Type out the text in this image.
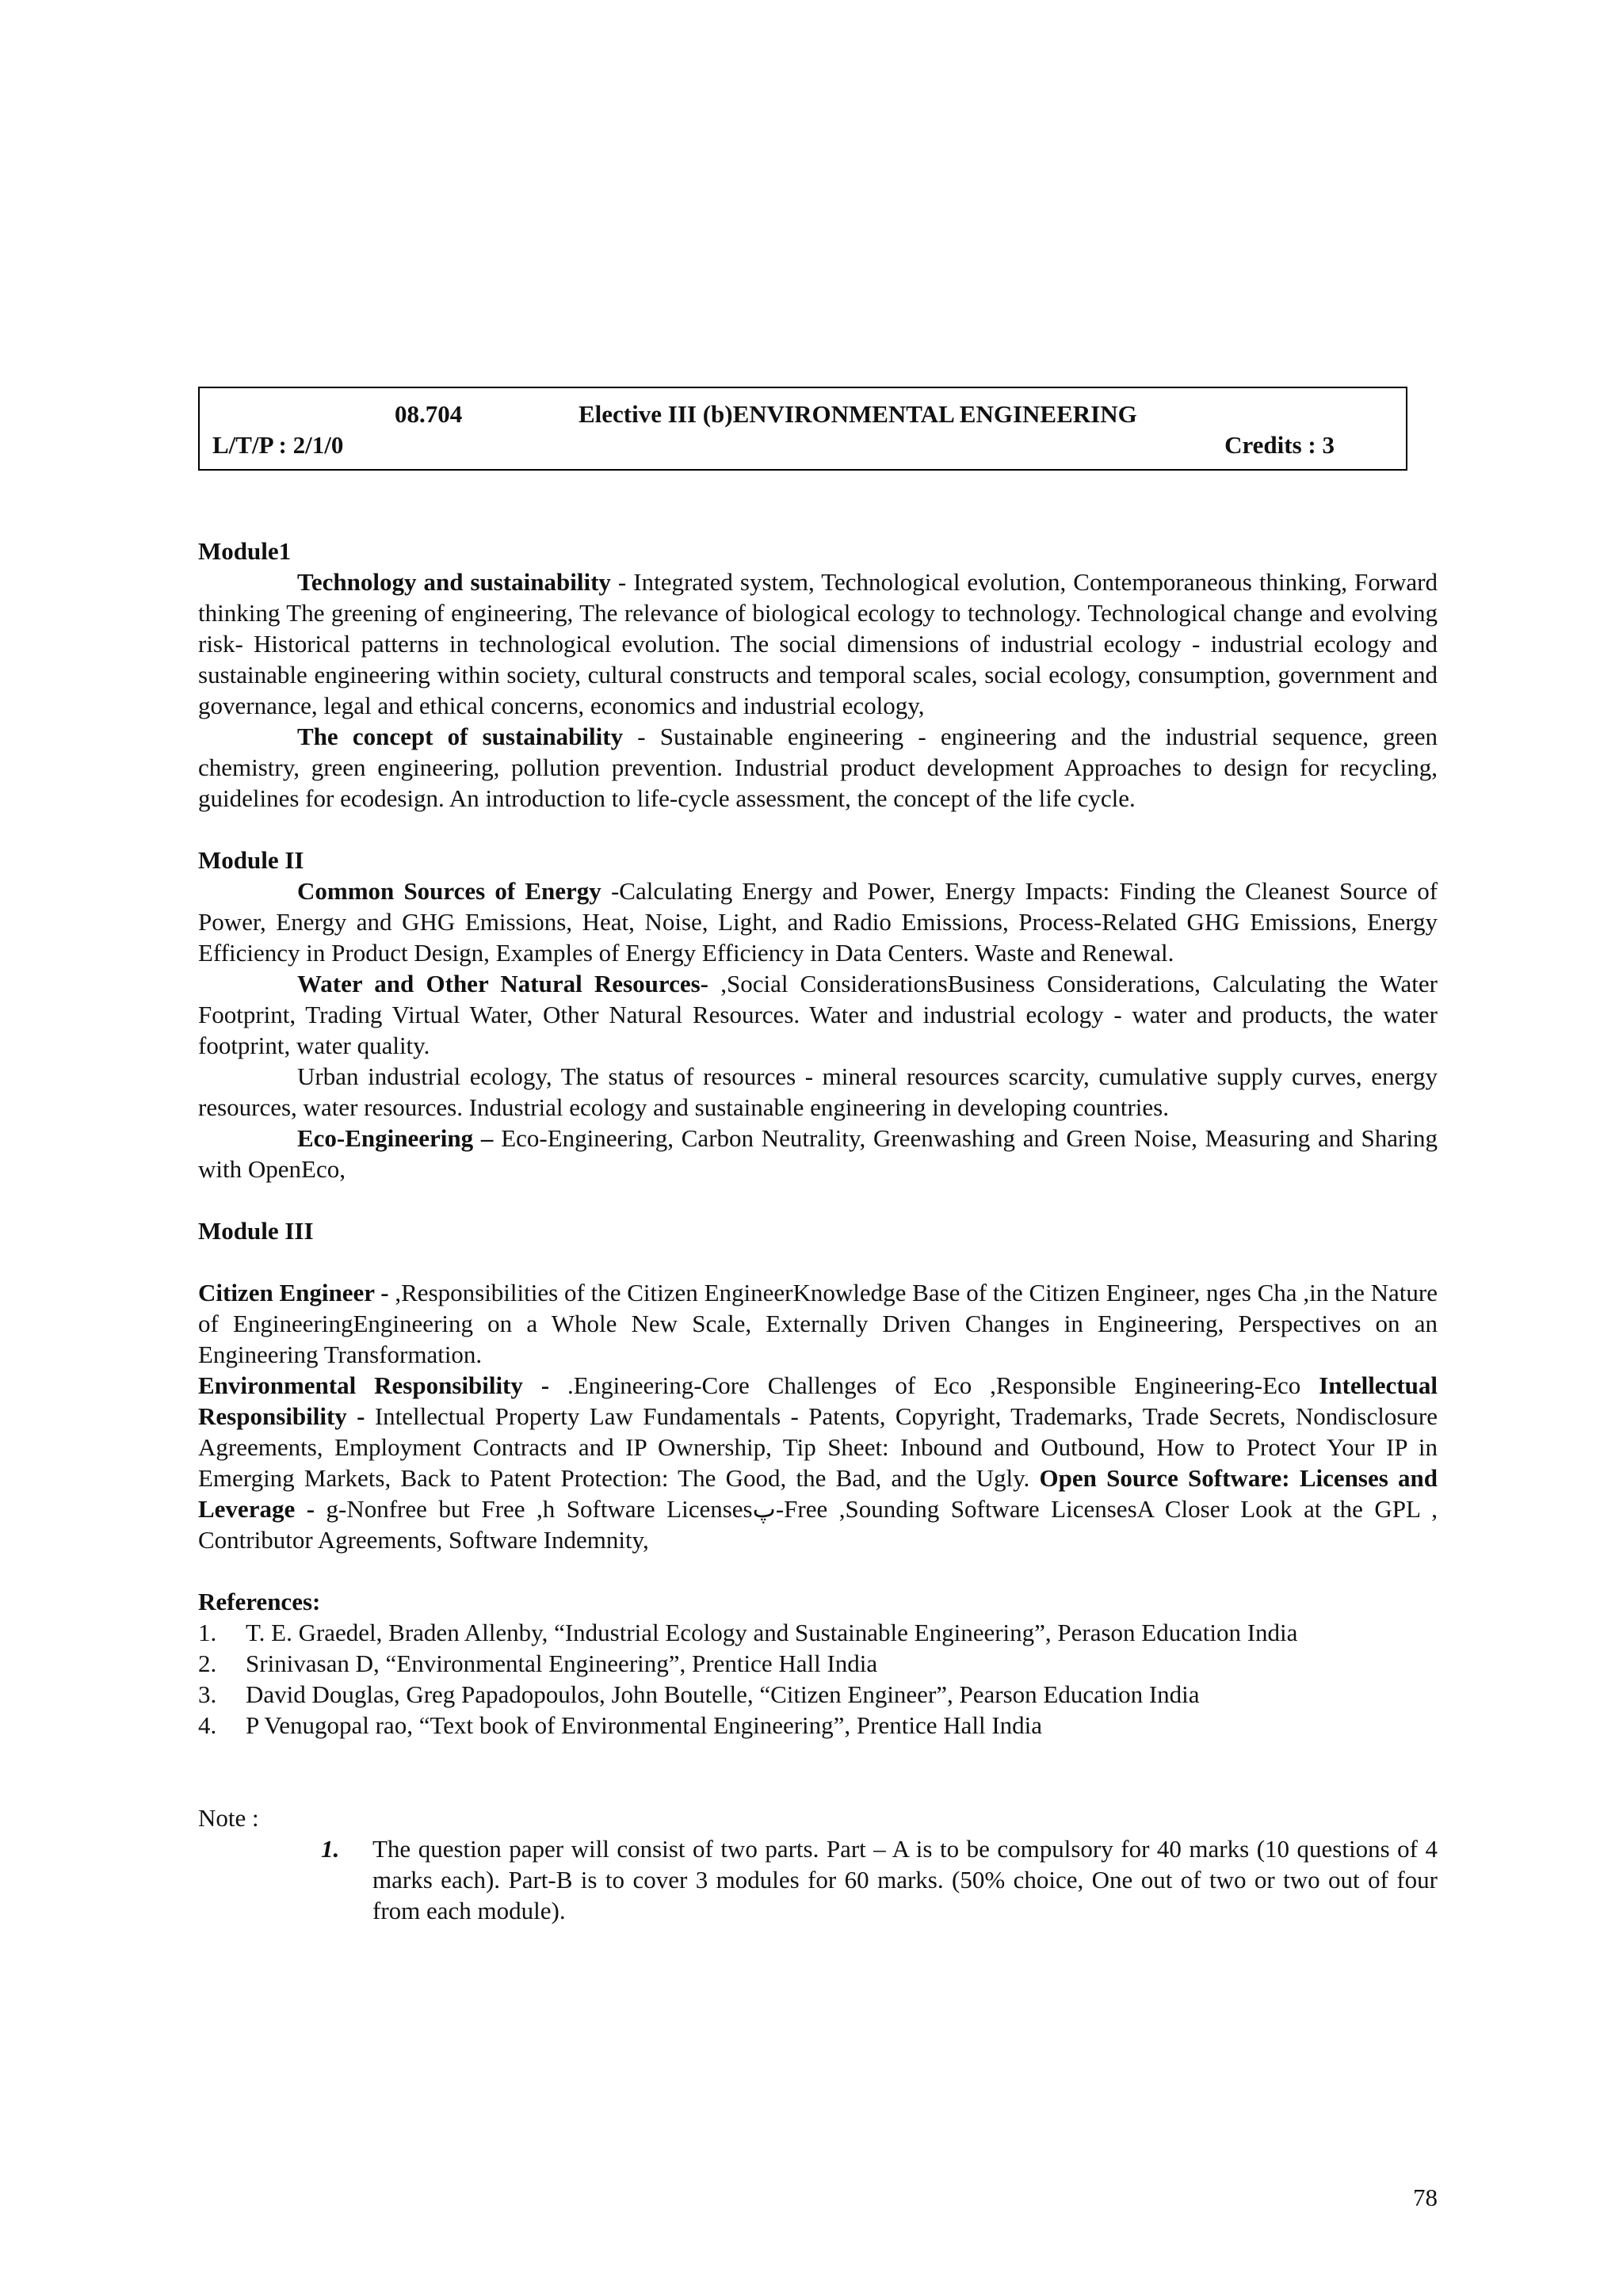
08.704	Elective III (b)ENVIRONMENTAL ENGINEERING
L/T/P : 2/1/0	Credits : 3

Module1

Technology and sustainability - Integrated system, Technological evolution, Contemporaneous thinking, Forward thinking The greening of engineering, The relevance of biological ecology to technology. Technological change and evolving risk- Historical patterns in technological evolution. The social dimensions of industrial ecology - industrial ecology and sustainable engineering within society, cultural constructs and temporal scales, social ecology, consumption, government and governance, legal and ethical concerns, economics and industrial ecology,

The concept of sustainability - Sustainable engineering - engineering and the industrial sequence, green chemistry, green engineering, pollution prevention. Industrial product development Approaches to design for recycling, guidelines for ecodesign. An introduction to life-cycle assessment, the concept of the life cycle.

Module II

Common Sources of Energy -Calculating Energy and Power, Energy Impacts: Finding the Cleanest Source of Power, Energy and GHG Emissions, Heat, Noise, Light, and Radio Emissions, Process-Related GHG Emissions, Energy Efficiency in Product Design, Examples of Energy Efficiency in Data Centers. Waste and Renewal.

Water and Other Natural Resources- ,Social ConsiderationsBusiness Considerations, Calculating the Water Footprint, Trading Virtual Water, Other Natural Resources. Water and industrial ecology - water and products, the water footprint, water quality.

Urban industrial ecology, The status of resources - mineral resources scarcity, cumulative supply curves, energy resources, water resources. Industrial ecology and sustainable engineering in developing countries.

Eco-Engineering – Eco-Engineering, Carbon Neutrality, Greenwashing and Green Noise, Measuring and Sharing with OpenEco,

Module III

Citizen Engineer - ,Responsibilities of the Citizen EngineerKnowledge Base of the Citizen Engineer, nges Cha ,in the Nature of EngineeringEngineering on a Whole New Scale, Externally Driven Changes in Engineering, Perspectives on an Engineering Transformation.

Environmental Responsibility - .Engineering-Core Challenges of Eco ,Responsible Engineering-Eco Intellectual Responsibility - Intellectual Property Law Fundamentals - Patents, Copyright, Trademarks, Trade Secrets, Nondisclosure Agreements, Employment Contracts and IP Ownership, Tip Sheet: Inbound and Outbound, How to Protect Your IP in Emerging Markets, Back to Patent Protection: The Good, the Bad, and the Ugly. Open Source Software: Licenses and Leverage - g-Nonfree but Free ,h Software Licensesپ-Free ,Sounding Software LicensesA Closer Look at the GPL , Contributor Agreements, Software Indemnity,

References:

1.	T. E. Graedel, Braden Allenby, “Industrial Ecology and Sustainable Engineering”, Perason Education India
2.	Srinivasan D, “Environmental Engineering”, Prentice Hall India
3.	David Douglas, Greg Papadopoulos, John Boutelle, “Citizen Engineer”, Pearson Education India
4.	P Venugopal rao, “Text book of Environmental Engineering”, Prentice Hall India

Note :

1.	The question paper will consist of two parts. Part – A is to be compulsory for 40 marks (10 questions of 4 marks each). Part-B is to cover 3 modules for 60 marks. (50% choice, One out of two or two out of four from each module).

78
